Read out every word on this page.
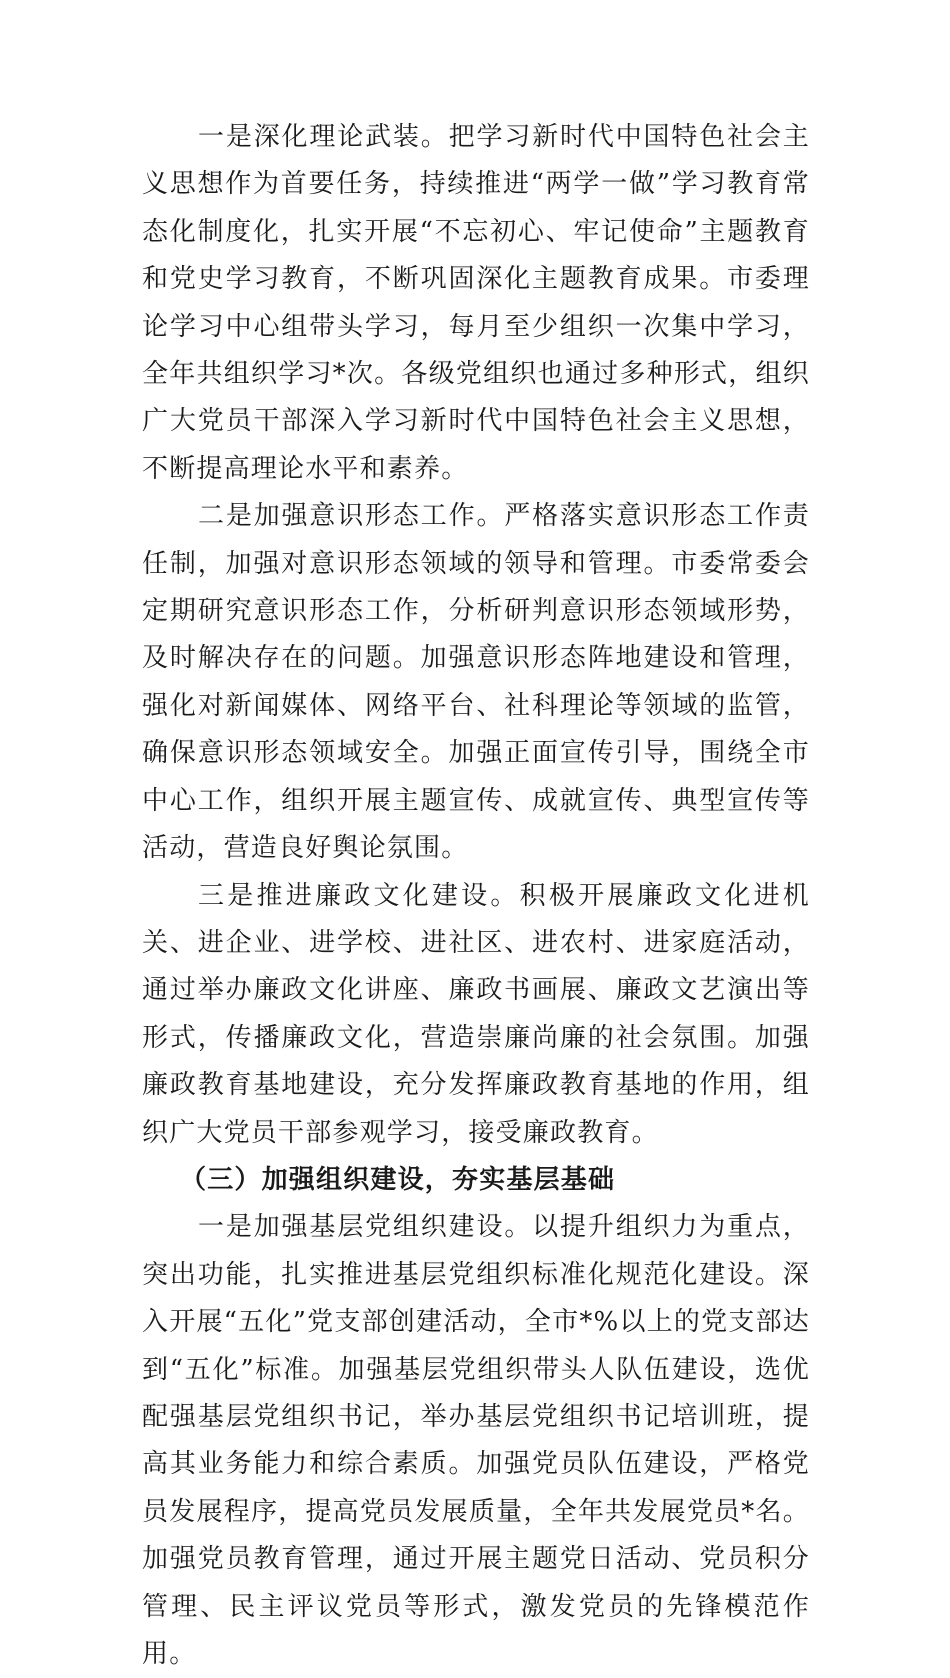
一是深化理论武装。把学习新时代中国特色社会主义思想作为首要任务，持续推进“两学一做”学习教育常态化制度化，扎实开展“不忘初心、牢记使命”主题教育和党史学习教育，不断巩固深化主题教育成果。市委理论学习中心组带头学习，每月至少组织一次集中学习，全年共组织学习*次。各级党组织也通过多种形式，组织广大党员干部深入学习新时代中国特色社会主义思想，不断提高理论水平和素养。

二是加强意识形态工作。严格落实意识形态工作责任制，加强对意识形态领域的领导和管理。市委常委会定期研究意识形态工作，分析研判意识形态领域形势，及时解决存在的问题。加强意识形态阵地建设和管理，强化对新闻媒体、网络平台、社科理论等领域的监管，确保意识形态领域安全。加强正面宣传引导，围绕全市中心工作，组织开展主题宣传、成就宣传、典型宣传等活动，营造良好舆论氛围。

三是推进廉政文化建设。积极开展廉政文化进机关、进企业、进学校、进社区、进农村、进家庭活动，通过举办廉政文化讲座、廉政书画展、廉政文艺演出等形式，传播廉政文化，营造崇廉尚廉的社会氛围。加强廉政教育基地建设，充分发挥廉政教育基地的作用，组织广大党员干部参观学习，接受廉政教育。

（三）加强组织建设，夯实基层基础

一是加强基层党组织建设。以提升组织力为重点，突出功能，扎实推进基层党组织标准化规范化建设。深入开展“五化”党支部创建活动，全市*%以上的党支部达到“五化”标准。加强基层党组织带头人队伍建设，选优配强基层党组织书记，举办基层党组织书记培训班，提高其业务能力和综合素质。加强党员队伍建设，严格党员发展程序，提高党员发展质量，全年共发展党员*名。加强党员教育管理，通过开展主题党日活动、党员积分管理、民主评议党员等形式，激发党员的先锋模范作用。
